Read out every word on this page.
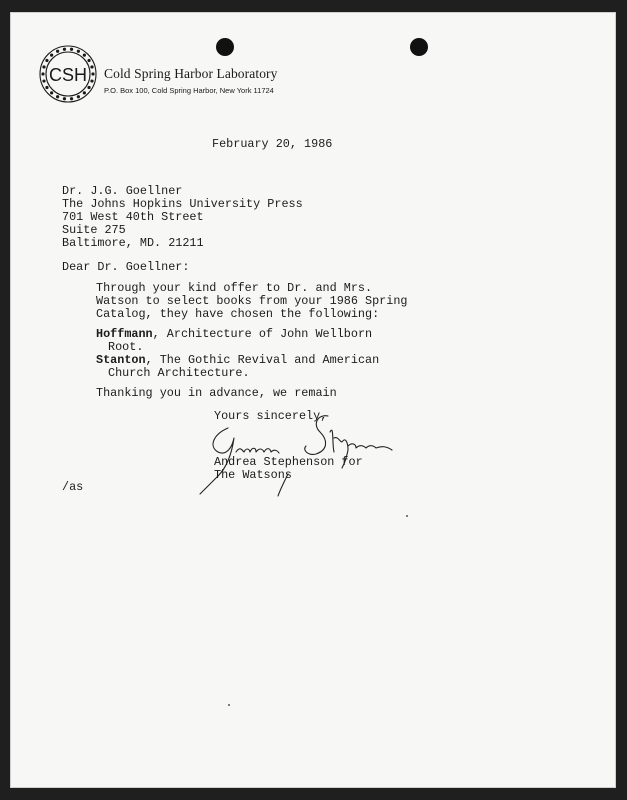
CSH Cold Spring Harbor Laboratory
P.O. Box 100, Cold Spring Harbor, New York 11724
February 20, 1986
Dr. J.G. Goellner
The Johns Hopkins University Press
701 West 40th Street
Suite 275
Baltimore, MD. 21211
Dear Dr. Goellner:
Through your kind offer to Dr. and Mrs.
Watson to select books from your 1986 Spring
Catalog, they have chosen the following:
Hoffmann, Architecture of John Wellborn
Root.
Stanton, The Gothic Revival and American
Church Architecture.
Thanking you in advance, we remain
Yours sincerely,
Andrea Stephenson for
The Watsons
/as
